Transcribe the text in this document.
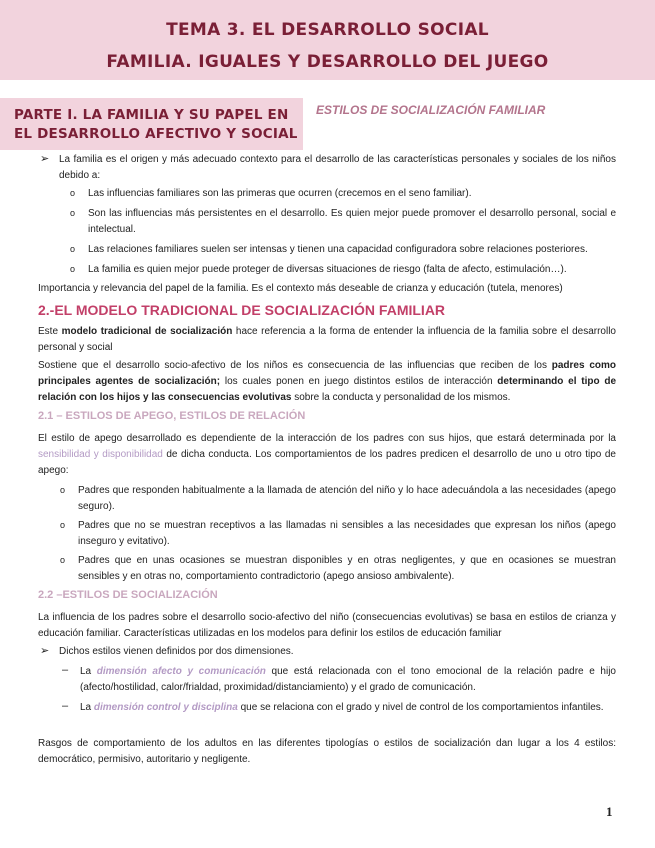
TEMA 3. EL DESARROLLO SOCIAL
FAMILIA. IGUALES Y DESARROLLO DEL JUEGO
PARTE I. LA FAMILIA Y SU PAPEL EN EL DESARROLLO AFECTIVO Y SOCIAL
ESTILOS DE SOCIALIZACIÓN FAMILIAR
➢ La familia es el origen y más adecuado contexto para el desarrollo de las características personales y sociales de los niños debido a:
o Las influencias familiares son las primeras que ocurren (crecemos en el seno familiar).
o Son las influencias más persistentes en el desarrollo. Es quien mejor puede promover el desarrollo personal, social e intelectual.
o Las relaciones familiares suelen ser intensas y tienen una capacidad configuradora sobre relaciones posteriores.
o La familia es quien mejor puede proteger de diversas situaciones de riesgo (falta de afecto, estimulación…).
Importancia y relevancia del papel de la familia. Es el contexto más deseable de crianza y educación (tutela, menores)
2.-EL MODELO TRADICIONAL DE SOCIALIZACIÓN FAMILIAR
Este modelo tradicional de socialización hace referencia a la forma de entender la influencia de la familia sobre el desarrollo personal y social
Sostiene que el desarrollo socio-afectivo de los niños es consecuencia de las influencias que reciben de los padres como principales agentes de socialización; los cuales ponen en juego distintos estilos de interacción determinando el tipo de relación con los hijos y las consecuencias evolutivas sobre la conducta y personalidad de los mismos.
2.1 – ESTILOS DE APEGO, ESTILOS DE RELACIÓN
El estilo de apego desarrollado es dependiente de la interacción de los padres con sus hijos, que estará determinada por la sensibilidad y disponibilidad de dicha conducta. Los comportamientos de los padres predicen el desarrollo de uno u otro tipo de apego:
o Padres que responden habitualmente a la llamada de atención del niño y lo hace adecuándola a las necesidades (apego seguro).
o Padres que no se muestran receptivos a las llamadas ni sensibles a las necesidades que expresan los niños (apego inseguro y evitativo).
o Padres que en unas ocasiones se muestran disponibles y en otras negligentes, y que en ocasiones se muestran sensibles y en otras no, comportamiento contradictorio (apego ansioso ambivalente).
2.2 –ESTILOS DE SOCIALIZACIÓN
La influencia de los padres sobre el desarrollo socio-afectivo del niño (consecuencias evolutivas) se basa en estilos de crianza y educación familiar. Características utilizadas en los modelos para definir los estilos de educación familiar
➢ Dichos estilos vienen definidos por dos dimensiones.
– La dimensión afecto y comunicación que está relacionada con el tono emocional de la relación padre e hijo (afecto/hostilidad, calor/frialdad, proximidad/distanciamiento) y el grado de comunicación.
– La dimensión control y disciplina que se relaciona con el grado y nivel de control de los comportamientos infantiles.
Rasgos de comportamiento de los adultos en las diferentes tipologías o estilos de socialización dan lugar a los 4 estilos: democrático, permisivo, autoritario y negligente.
1
